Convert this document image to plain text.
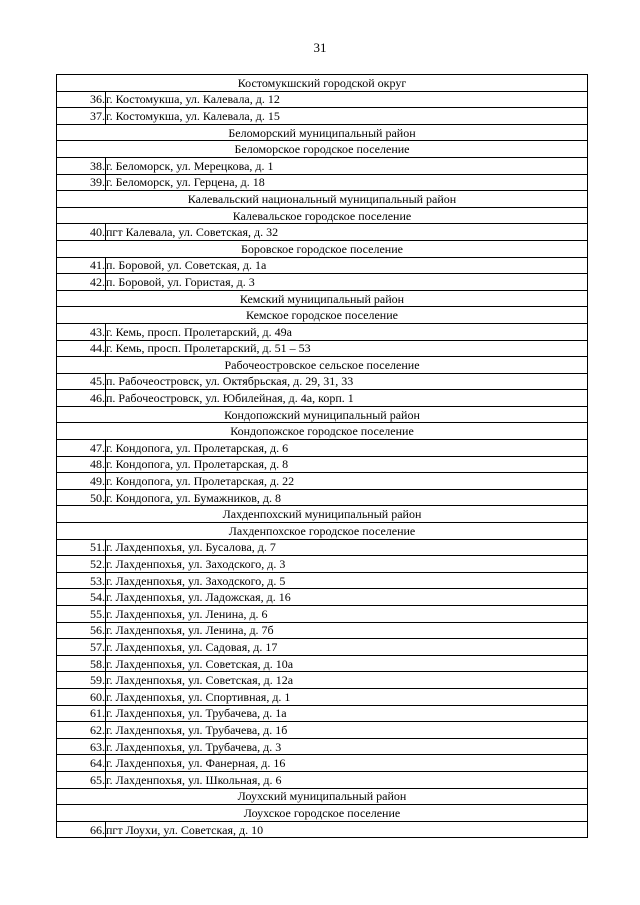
31
Костомукшский городской округ	
36.	г. Костомукша, ул. Калевала, д. 12
37.	г. Костомукша, ул. Калевала, д. 15
Беломорский муниципальный район	
Беломорское городское поселение	
38.	г. Беломорск, ул. Мерецкова, д. 1
39.	г. Беломорск, ул. Герцена, д. 18
Калевальский национальный муниципальный район	
Калевальское городское поселение	
40.	пгт Калевала, ул. Советская, д. 32
Боровское городское поселение	
41.	п. Боровой, ул. Советская, д. 1а
42.	п. Боровой, ул. Гористая, д. 3
Кемский муниципальный район	
Кемское городское поселение	
43.	г. Кемь, просп. Пролетарский, д. 49а
44.	г. Кемь, просп. Пролетарский, д. 51 – 53
Рабочеостровское сельское поселение	
45.	п. Рабочеостровск, ул. Октябрьская, д. 29, 31, 33
46.	п. Рабочеостровск, ул. Юбилейная, д. 4а, корп. 1
Кондопожский муниципальный район	
Кондопожское городское поселение	
47.	г. Кондопога, ул. Пролетарская, д. 6
48.	г. Кондопога, ул. Пролетарская, д. 8
49.	г. Кондопога, ул. Пролетарская, д. 22
50.	г. Кондопога, ул. Бумажников, д. 8
Лахденпохский муниципальный район	
Лахденпохское городское поселение	
51.	г. Лахденпохья, ул. Бусалова, д. 7
52.	г. Лахденпохья, ул. Заходского, д. 3
53.	г. Лахденпохья, ул. Заходского, д. 5
54.	г. Лахденпохья, ул. Ладожская, д. 16
55.	г. Лахденпохья, ул. Ленина, д. 6
56.	г. Лахденпохья, ул. Ленина, д. 7б
57.	г. Лахденпохья, ул. Садовая, д. 17
58.	г. Лахденпохья, ул. Советская, д. 10а
59.	г. Лахденпохья, ул. Советская, д. 12а
60.	г. Лахденпохья, ул. Спортивная, д. 1
61.	г. Лахденпохья, ул. Трубачева, д. 1а
62.	г. Лахденпохья, ул. Трубачева, д. 1б
63.	г. Лахденпохья, ул. Трубачева, д. 3
64.	г. Лахденпохья, ул. Фанерная, д. 16
65.	г. Лахденпохья, ул. Школьная, д. 6
Лоухский муниципальный район	
Лоухское городское поселение	
66.	пгт Лоухи, ул. Советская, д. 10
